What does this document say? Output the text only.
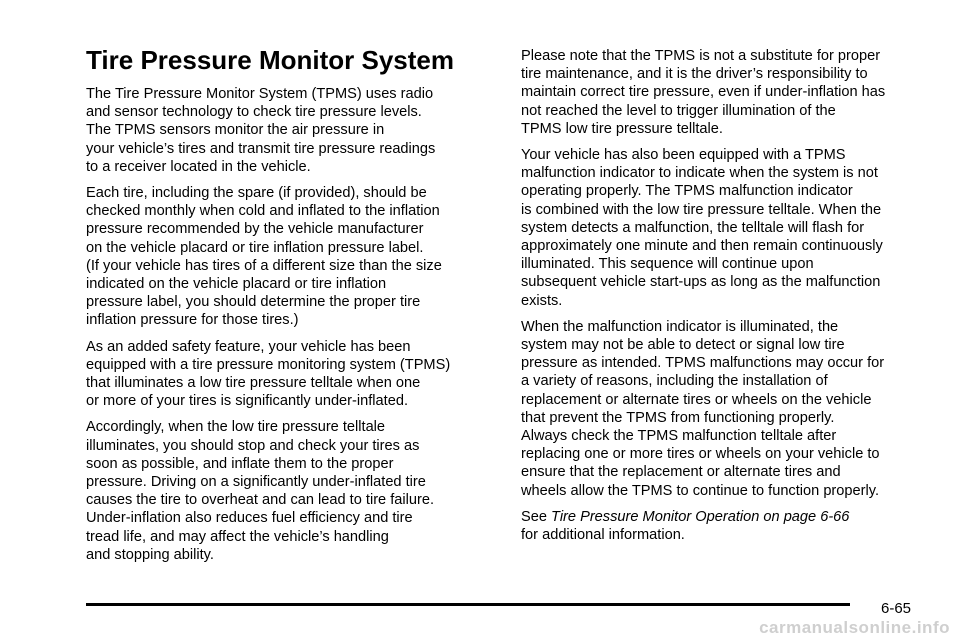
Tire Pressure Monitor System

The Tire Pressure Monitor System (TPMS) uses radio
and sensor technology to check tire pressure levels.
The TPMS sensors monitor the air pressure in
your vehicle’s tires and transmit tire pressure readings
to a receiver located in the vehicle.

Each tire, including the spare (if provided), should be
checked monthly when cold and inflated to the inflation
pressure recommended by the vehicle manufacturer
on the vehicle placard or tire inflation pressure label.
(If your vehicle has tires of a different size than the size
indicated on the vehicle placard or tire inflation
pressure label, you should determine the proper tire
inflation pressure for those tires.)

As an added safety feature, your vehicle has been
equipped with a tire pressure monitoring system (TPMS)
that illuminates a low tire pressure telltale when one
or more of your tires is significantly under-inflated.

Accordingly, when the low tire pressure telltale
illuminates, you should stop and check your tires as
soon as possible, and inflate them to the proper
pressure. Driving on a significantly under-inflated tire
causes the tire to overheat and can lead to tire failure.
Under-inflation also reduces fuel efficiency and tire
tread life, and may affect the vehicle’s handling
and stopping ability.

Please note that the TPMS is not a substitute for proper
tire maintenance, and it is the driver’s responsibility to
maintain correct tire pressure, even if under-inflation has
not reached the level to trigger illumination of the
TPMS low tire pressure telltale.

Your vehicle has also been equipped with a TPMS
malfunction indicator to indicate when the system is not
operating properly. The TPMS malfunction indicator
is combined with the low tire pressure telltale. When the
system detects a malfunction, the telltale will flash for
approximately one minute and then remain continuously
illuminated. This sequence will continue upon
subsequent vehicle start-ups as long as the malfunction
exists.

When the malfunction indicator is illuminated, the
system may not be able to detect or signal low tire
pressure as intended. TPMS malfunctions may occur for
a variety of reasons, including the installation of
replacement or alternate tires or wheels on the vehicle
that prevent the TPMS from functioning properly.
Always check the TPMS malfunction telltale after
replacing one or more tires or wheels on your vehicle to
ensure that the replacement or alternate tires and
wheels allow the TPMS to continue to function properly.

See Tire Pressure Monitor Operation on page 6-66
for additional information.

6-65
carmanualsonline.info
